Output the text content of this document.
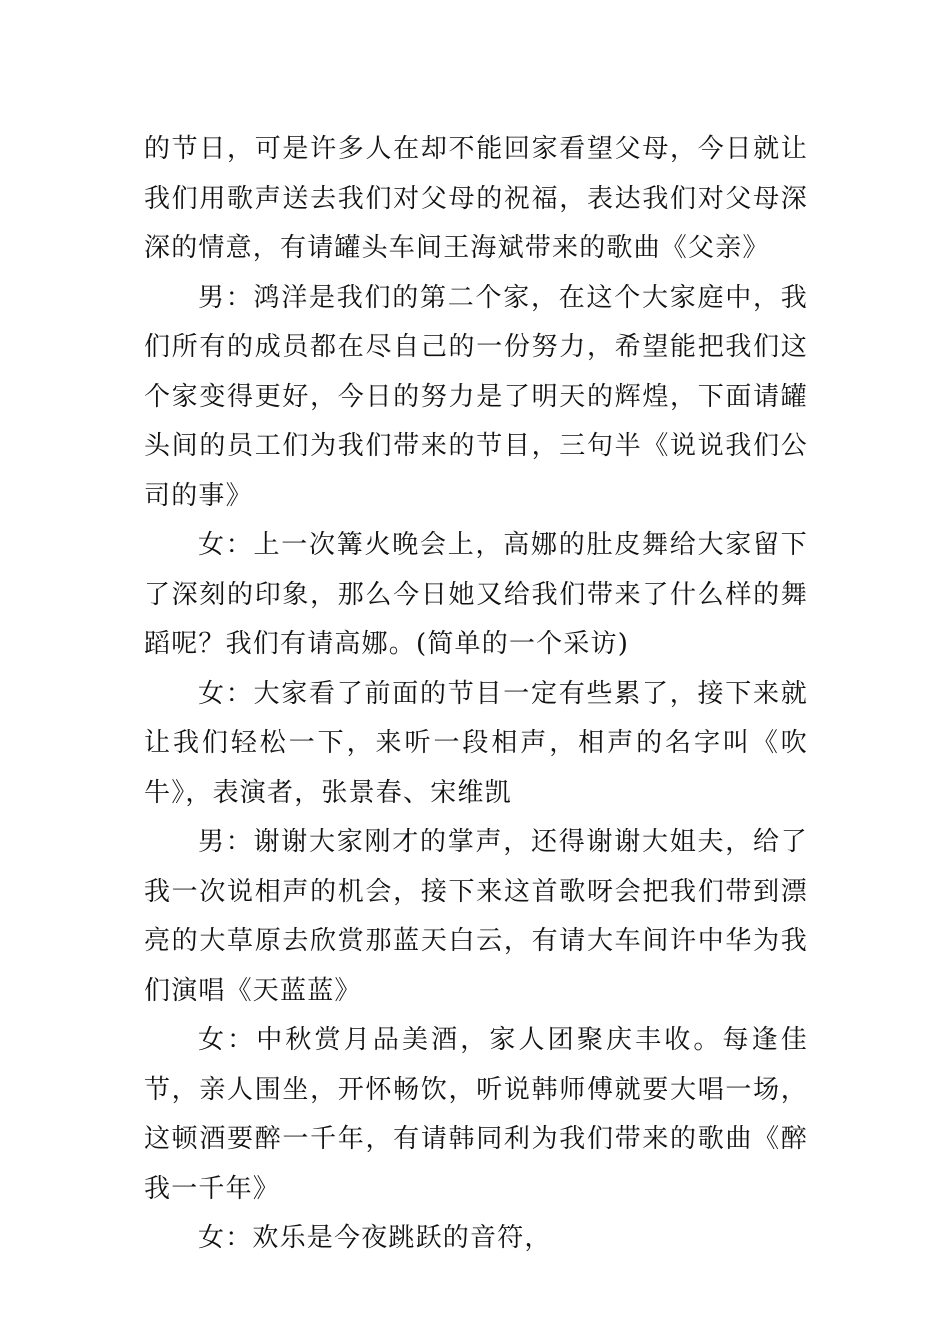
的节日，可是许多人在却不能回家看望父母，今日就让我们用歌声送去我们对父母的祝福，表达我们对父母深深的情意，有请罐头车间王海斌带来的歌曲《父亲》

男：鸿洋是我们的第二个家，在这个大家庭中，我们所有的成员都在尽自己的一份努力，希望能把我们这个家变得更好，今日的努力是了明天的辉煌，下面请罐头间的员工们为我们带来的节目，三句半《说说我们公司的事》

女：上一次篝火晚会上，高娜的肚皮舞给大家留下了深刻的印象，那么今日她又给我们带来了什么样的舞蹈呢？我们有请高娜。(简单的一个采访)

女：大家看了前面的节目一定有些累了，接下来就让我们轻松一下，来听一段相声，相声的名字叫《吹牛》，表演者，张景春、宋维凯

男：谢谢大家刚才的掌声，还得谢谢大姐夫，给了我一次说相声的机会，接下来这首歌呀会把我们带到漂亮的大草原去欣赏那蓝天白云，有请大车间许中华为我们演唱《天蓝蓝》

女：中秋赏月品美酒，家人团聚庆丰收。每逢佳节，亲人围坐，开怀畅饮，听说韩师傅就要大唱一场，这顿酒要醉一千年，有请韩同利为我们带来的歌曲《醉我一千年》

女：欢乐是今夜跳跃的音符，
